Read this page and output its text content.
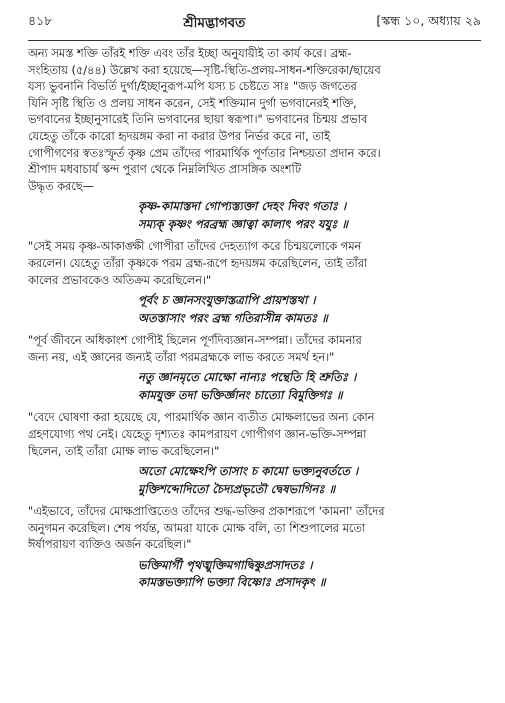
৪১৮	শ্রীমদ্ভাগবত	[স্কন্ধ ১০, অধ্যায় ২৯
অন্য সমস্ত শক্তি তাঁরই শক্তি এবং তাঁর ইচ্ছা অনুযায়ীই তা কার্য করে। ব্রহ্ম-
সংহিতায় (৫/৪৪) উল্লেখ করা হয়েছে—সৃষ্টি-স্থিতি-প্রলয়-সাধন-শক্তিরেকা/ছায়েব
যস্য ভুবনানি বিভর্তি দুর্গা/ইচ্ছানুরূপ-মপি যস্য চ চেষ্টতে সাঃ "জড় জগতের
যিনি সৃষ্টি স্থিতি ও প্রলয় সাধন করেন, সেই শক্তিমান দুর্গা ভগবানেরই শক্তি,
ভগবানের ইচ্ছানুসারেই তিনি ভগবানের ছায়া স্বরূপা।" ভগবানের চিন্ময় প্রভাব
যেহেতু তাঁকে কারো হৃদয়ঙ্গম করা না করার উপর নির্ভর করে না, তাই
গোপীগণের স্বতঃস্ফূর্ত কৃষ্ণ প্রেম তাঁদের পারমার্থিক পূর্ণতার নিশ্চয়তা প্রদান করে।
শ্রীপাদ মধবাচার্য স্কন্দ পুরাণ থেকে নিম্নলিখিত প্রাসঙ্গিক অংশটি
উদ্ধৃত করছে—
কৃষ্ণ-কামাস্তদা গোপ্যস্ত্যক্তা দেহং দিবং গতাঃ ।
সম্যক্ কৃষ্ণং পরব্রহ্ম জ্ঞাত্বা কালাৎ পরং যযুঃ ॥
"সেই সময় কৃষ্ণ-আকাঙ্ক্ষী গোপীরা তাঁদের দেহত্যাগ করে চিন্ময়লোকে গমন
করলেন। যেহেতু তাঁরা কৃষ্ণকে পরম ব্রহ্ম-রূপে হৃদয়ঙ্গম করেছিলেন, তাই তাঁরা
কালের প্রভাবকেও অতিক্রম করেছিলেন।"
পূর্বং চ জ্ঞানসংযুক্তাস্তত্রাপি প্রায়শস্তথা ।
অতস্তাসাং পরং ব্রহ্ম গতিরাসীন্ন কামতঃ ॥
"পূর্ব জীবনে অধিকাংশ গোপীই ছিলেন পূর্ণদিব্যজ্ঞান-সম্পন্না। তাঁদের কামনার
জন্য নয়, এই জ্ঞানের জন্যই তাঁরা পরমব্রহ্মকে লাভ করতে সমর্থ হন।"
নতু জ্ঞানমৃতে মোক্ষো নান্যঃ পন্থেতি হি শ্রুতিঃ ।
কামযুক্ত তদা ভক্তির্জ্ঞানং চাত্যো বিমুক্তিগঃ ॥
"বেদে ঘোষণা করা হয়েছে যে, পারমার্থিক জ্ঞান ব্যতীত মোক্ষলাভের অন্য কোন
গ্রহণযোগ্য পথ নেই। যেহেতু দৃশ্যতঃ কামপরায়ণ গোপীগণ জ্ঞান-ভক্তি-সম্পন্না
ছিলেন, তাই তাঁরা মোক্ষ লাভ করেছিলেন।"
অতো মোক্ষেঽপি তাসাং চ কামো ভক্ত্যনুবর্ততে ।
মুক্তিশব্দোদিতো চৈদ্যপ্রভৃতৌ দ্বেষভাগিনঃ ॥
"এইভাবে, তাঁদের মোক্ষপ্রাপ্তিতেও তাঁদের শুদ্ধ-ভক্তির প্রকাশরূপে 'কামনা' তাঁদের
অনুগমন করেছিল। শেষ পর্যন্ত, আমরা যাকে মোক্ষ বলি, তা শিশুপালের মতো
ঈর্ষাপরায়ণ ব্যক্তিও অর্জন করেছিল।"
ভক্তিমার্গী পৃথঙ্মুক্তিমগাদ্বিষ্ণুপ্রসাদতঃ ।
কামস্তভক্ত্যাপি ভক্ত্যা বিষ্ণোঃ প্রসাদকৃৎ ॥
